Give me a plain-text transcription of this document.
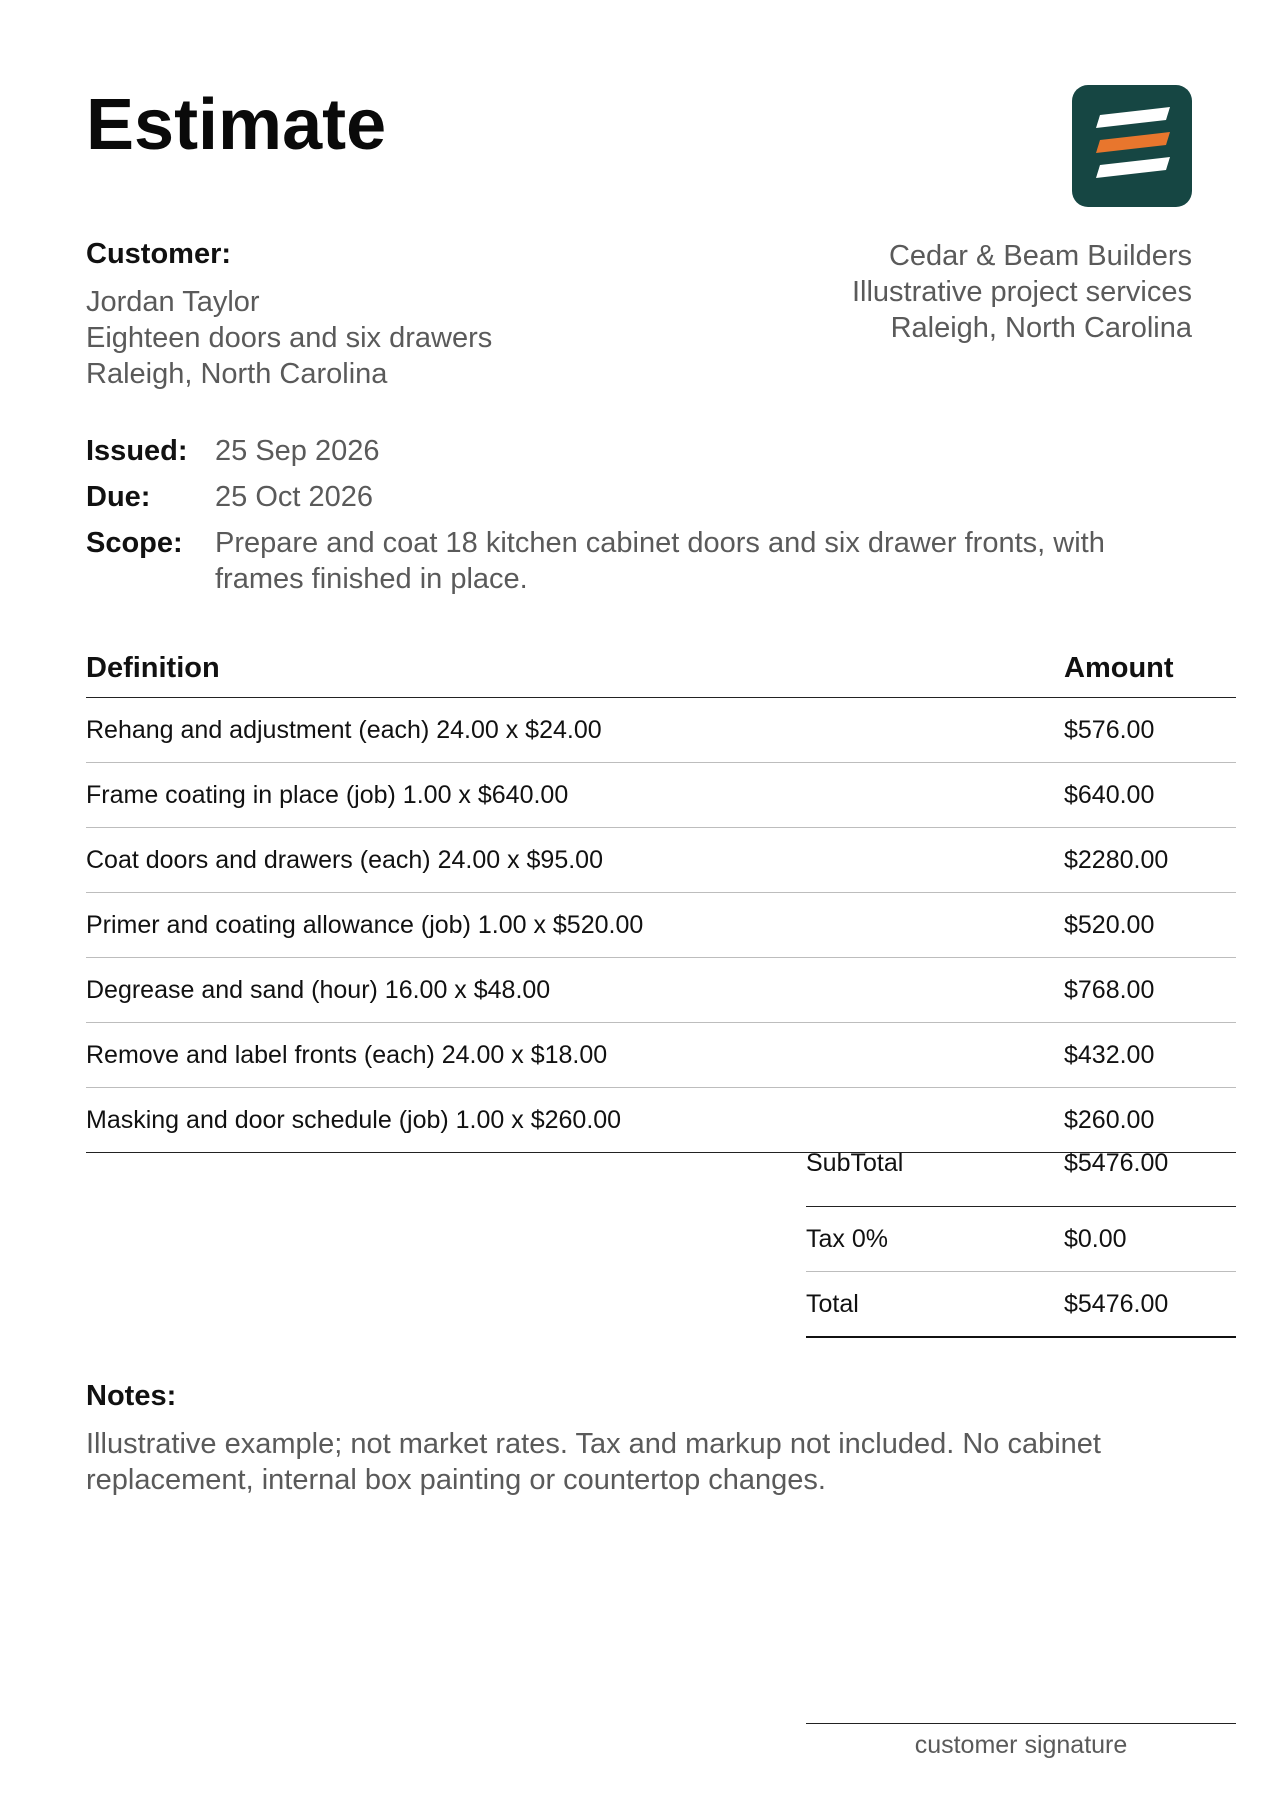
Estimate
Customer:
Jordan Taylor
Eighteen doors and six drawers
Raleigh, North Carolina
Cedar & Beam Builders
Illustrative project services
Raleigh, North Carolina
Issued: 25 Sep 2026
Due:	25 Oct 2026
Scope:	Prepare and coat 18 kitchen cabinet doors and six drawer fronts, with frames finished in place.
Definition	Amount
Rehang and adjustment (each) 24.00 x $24.00	$576.00
Frame coating in place (job) 1.00 x $640.00	$640.00
Coat doors and drawers (each) 24.00 x $95.00	$2280.00
Primer and coating allowance (job) 1.00 x $520.00	$520.00
Degrease and sand (hour) 16.00 x $48.00	$768.00
Remove and label fronts (each) 24.00 x $18.00	$432.00
Masking and door schedule (job) 1.00 x $260.00	$260.00
SubTotal	$5476.00
Tax 0%	$0.00
Total	$5476.00
Notes:
Illustrative example; not market rates. Tax and markup not included. No cabinet replacement, internal box painting or countertop changes.
customer signature
